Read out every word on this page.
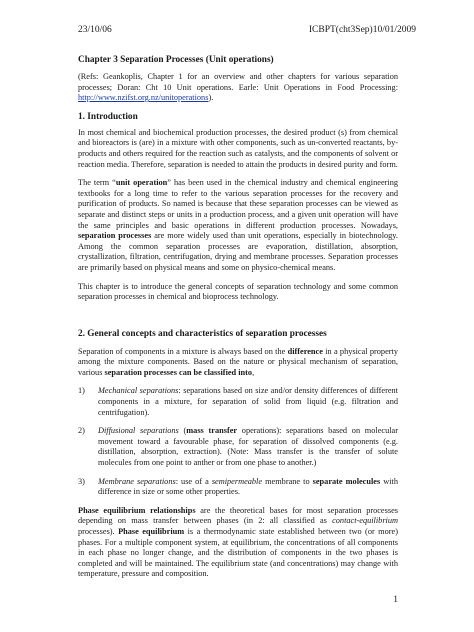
23/10/06	ICBPT(cht3Sep)10/01/2009
Chapter 3 Separation Processes (Unit operations)

(Refs: Geankoplis, Chapter 1 for an overview and other chapters for various separation processes; Doran: Cht 10 Unit operations. Earle: Unit Operations in Food Processing: http://www.nzifst.org.nz/unitoperations).

1. Introduction

In most chemical and biochemical production processes, the desired product (s) from chemical and bioreactors is (are) in a mixture with other components, such as un-converted reactants, by-products and others required for the reaction such as catalysts, and the components of solvent or reaction media. Therefore, separation is needed to attain the products in desired purity and form.

The term “unit operation” has been used in the chemical industry and chemical engineering textbooks for a long time to refer to the various separation processes for the recovery and purification of products. So named is because that these separation processes can be viewed as separate and distinct steps or units in a production process, and a given unit operation will have the same principles and basic operations in different production processes. Nowadays, separation processes are more widely used than unit operations, especially in biotechnology. Among the common separation processes are evaporation, distillation, absorption, crystallization, filtration, centrifugation, drying and membrane processes. Separation processes are primarily based on physical means and some on physico-chemical means.

This chapter is to introduce the general concepts of separation technology and some common separation processes in chemical and bioprocess technology.

2. General concepts and characteristics of separation processes

Separation of components in a mixture is always based on the difference in a physical property among the mixture components. Based on the nature or physical mechanism of separation, various separation processes can be classified into,

1)	Mechanical separations: separations based on size and/or density differences of different components in a mixture, for separation of solid from liquid (e.g. filtration and centrifugation).
2)	Diffusional separations (mass transfer operations): separations based on molecular movement toward a favourable phase, for separation of dissolved components (e.g. distillation, absorption, extraction). (Note: Mass transfer is the transfer of solute molecules from one point to anther or from one phase to another.)
3)	Membrane separations: use of a semipermeable membrane to separate molecules with difference in size or some other properties.

Phase equilibrium relationships are the theoretical bases for most separation processes depending on mass transfer between phases (in 2: all classified as contact-equilibrium processes). Phase equilibrium is a thermodynamic state established between two (or more) phases. For a multiple component system, at equilibrium, the concentrations of all components in each phase no longer change, and the distribution of components in the two phases is completed and will be maintained. The equilibrium state (and concentrations) may change with temperature, pressure and composition.

1
